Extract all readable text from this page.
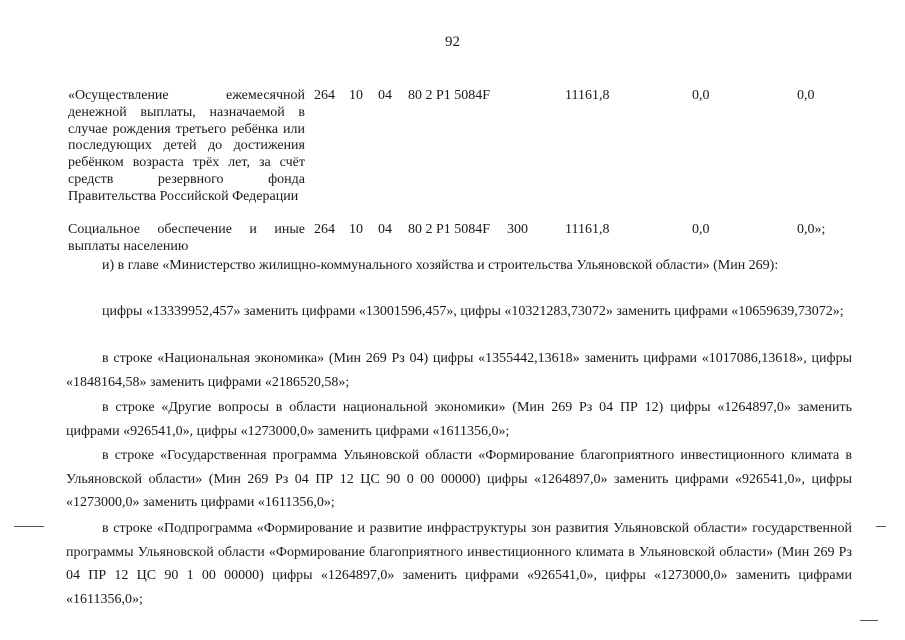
92
«Осуществление ежемесячной денежной выплаты, назначаемой в случае рождения третьего ребёнка или последующих детей до достижения ребёнком возраста трёх лет, за счёт средств резервного фонда Правительства Российской Федерации
264 10 04 80 2 P1 5084F	11161,8	0,0	0,0
Социальное обеспечение и иные выплаты населению
264 10 04 80 2 P1 5084F 300	11161,8	0,0	0,0»;
и) в главе «Министерство жилищно-коммунального хозяйства и строительства Ульяновской области» (Мин 269):
цифры «13339952,457» заменить цифрами «13001596,457», цифры «10321283,73072» заменить цифрами «10659639,73072»;
в строке «Национальная экономика» (Мин 269 Рз 04) цифры «1355442,13618» заменить цифрами «1017086,13618», цифры «1848164,58» заменить цифрами «2186520,58»;
в строке «Другие вопросы в области национальной экономики» (Мин 269 Рз 04 ПР 12) цифры «1264897,0» заменить цифрами «926541,0», цифры «1273000,0» заменить цифрами «1611356,0»;
в строке «Государственная программа Ульяновской области «Формирование благоприятного инвестиционного климата в Ульяновской области» (Мин 269 Рз 04 ПР 12 ЦС 90 0 00 00000) цифры «1264897,0» заменить цифрами «926541,0», цифры «1273000,0» заменить цифрами «1611356,0»;
в строке «Подпрограмма «Формирование и развитие инфраструктуры зон развития Ульяновской области» государственной программы Ульяновской области «Формирование благоприятного инвестиционного климата в Ульяновской области» (Мин 269 Рз 04 ПР 12 ЦС 90 1 00 00000) цифры «1264897,0» заменить цифрами «926541,0», цифры «1273000,0» заменить цифрами «1611356,0»;
